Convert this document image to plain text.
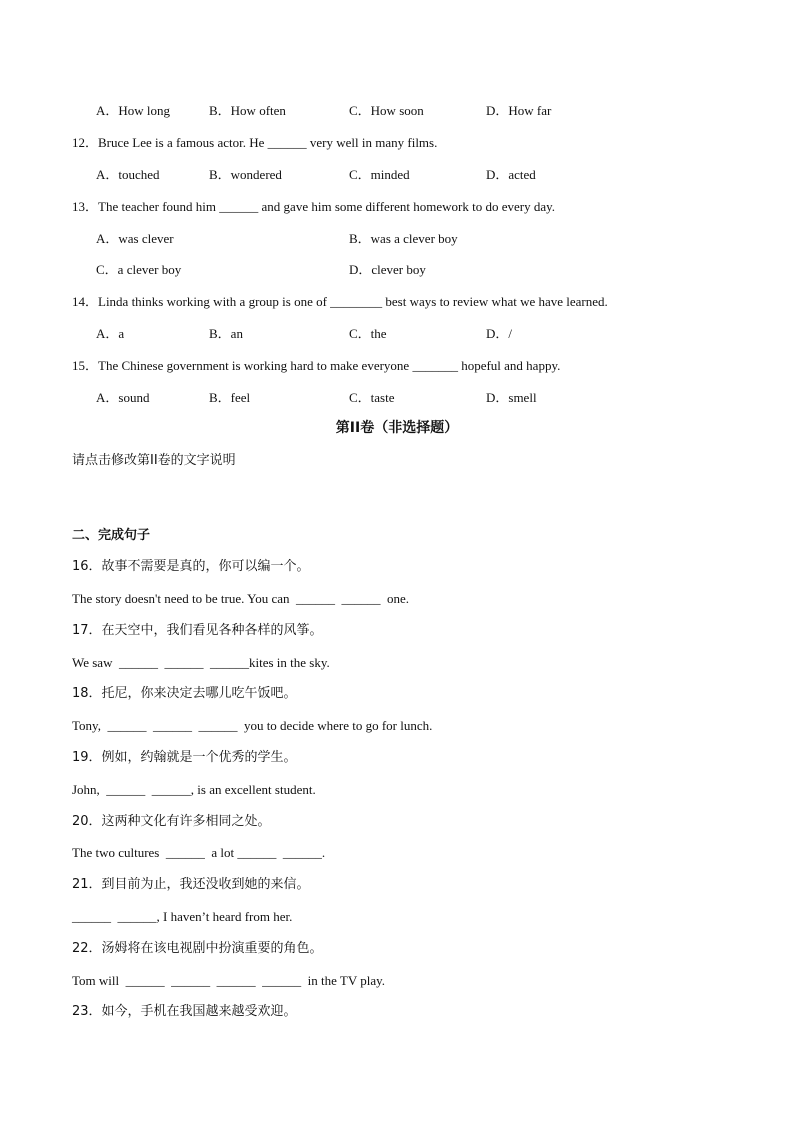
A．How long	B．How often	C．How soon	D．How far
12．Bruce Lee is a famous actor. He ______ very well in many films.
A．touched	B．wondered	C．minded	D．acted
13．The teacher found him ______ and gave him some different homework to do every day.
A．was clever	B．was a clever boy
C．a clever boy	D．clever boy
14．Linda thinks working with a group is one of ________ best ways to review what we have learned.
A．a	B．an	C．the	D．/
15．The Chinese government is working hard to make everyone _______ hopeful and happy.
A．sound	B．feel	C．taste	D．smell
第II卷（非选择题）
请点击修改第II卷的文字说明
二、完成句子
16．故事不需要是真的，你可以编一个。
The story doesn't need to be true. You can  ______  ______  one.
17．在天空中，我们看见各种各样的风筝。
We saw  ______  ______  ______kites in the sky.
18．托尼，你来决定去哪儿吃午饭吧。
Tony,  ______  ______  ______  you to decide where to go for lunch.
19．例如，约翰就是一个优秀的学生。
John,  ______  ______, is an excellent student.
20．这两种文化有许多相同之处。
The two cultures  ______  a lot ______  ______.
21．到目前为止，我还没收到她的来信。
______  ______, I haven’t heard from her.
22．汤姆将在该电视剧中扮演重要的角色。
Tom will  ______  ______  ______  ______  in the TV play.
23．如今，手机在我国越来越受欢迎。
